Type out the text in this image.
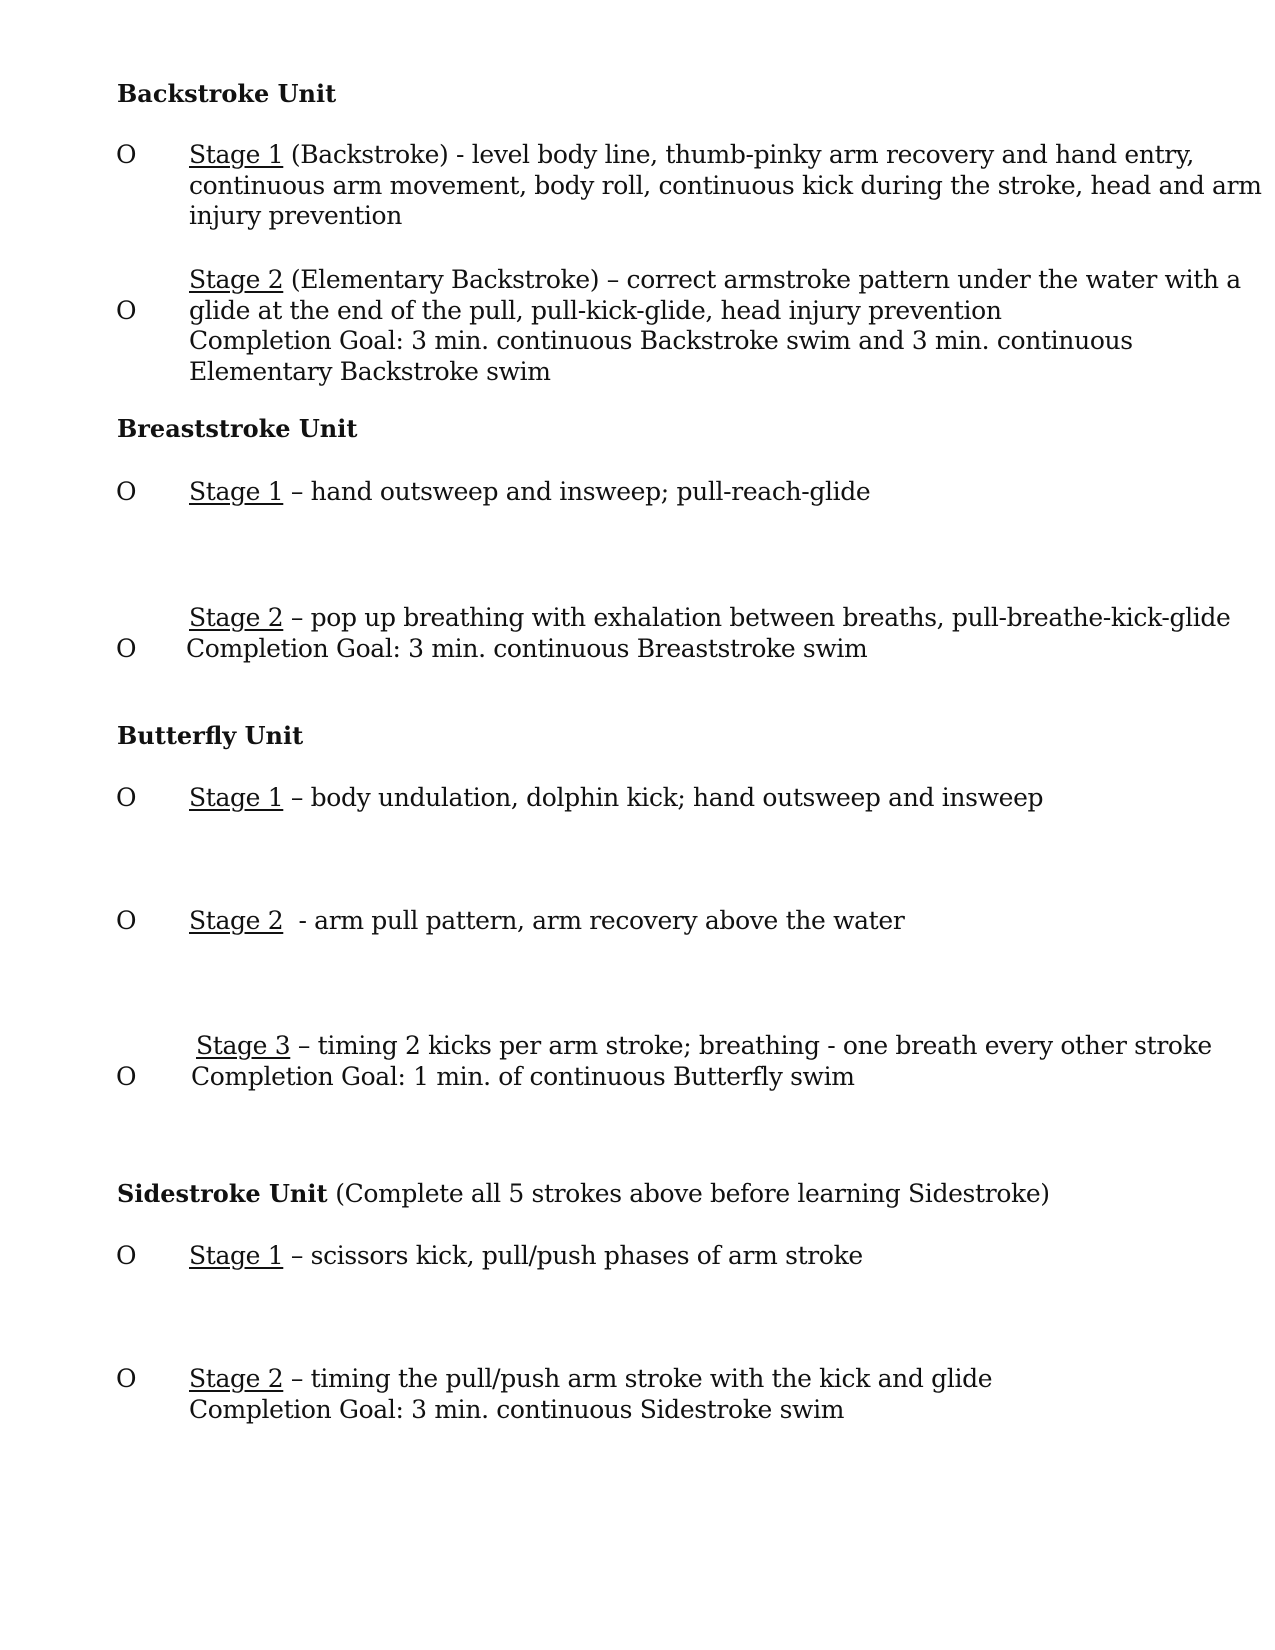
Backstroke Unit
O Stage 1 (Backstroke) - level body line, thumb-pinky arm recovery and hand entry,
continuous arm movement, body roll, continuous kick during the stroke, head and arm
injury prevention
O
Stage 2 (Elementary Backstroke) – correct armstroke pattern under the water with a
glide at the end of the pull, pull-kick-glide, head injury prevention
Completion Goal: 3 min. continuous Backstroke swim and 3 min. continuous
Elementary Backstroke swim
Breaststroke Unit
O Stage 1 – hand outsweep and insweep; pull-reach-glide
O
Stage 2 – pop up breathing with exhalation between breaths, pull-breathe-kick-glide
Completion Goal: 3 min. continuous Breaststroke swim
Butterfly Unit
O Stage 1 – body undulation, dolphin kick; hand outsweep and insweep
O Stage 2  - arm pull pattern, arm recovery above the water
O
Stage 3 – timing 2 kicks per arm stroke; breathing - one breath every other stroke
Completion Goal: 1 min. of continuous Butterfly swim
Sidestroke Unit (Complete all 5 strokes above before learning Sidestroke)
O Stage 1 – scissors kick, pull/push phases of arm stroke
O Stage 2 – timing the pull/push arm stroke with the kick and glide
Completion Goal: 3 min. continuous Sidestroke swim
